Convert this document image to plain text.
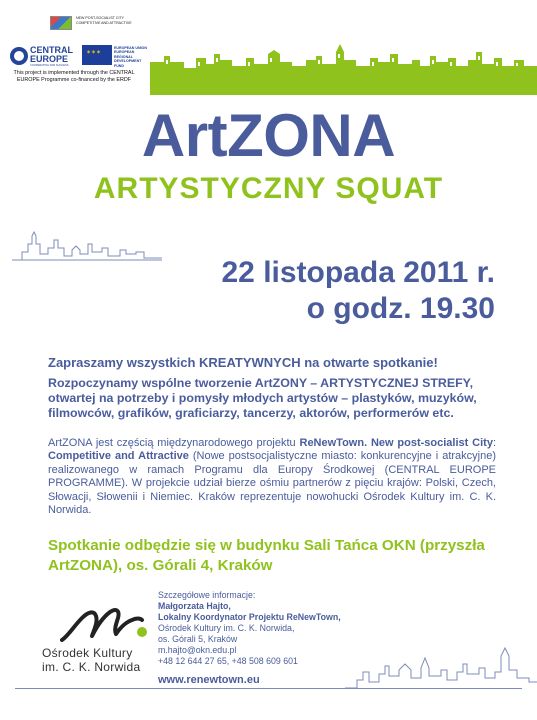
NEW POST-SOCIALIST CITY COMPETITIVE AND ATTRACTIVE
CENTRAL EUROPE
COOPERATING FOR SUCCESS
✶✶✶
EUROPEAN UNION EUROPEAN REGIONAL DEVELOPMENT FUND
This project is implemented through the CENTRAL EUROPE Programme co-financed by the ERDF
ArtZONA
ARTYSTYCZNY SQUAT
22 listopada 2011 r.
o godz. 19.30
Zapraszamy wszystkich KREATYWNYCH na otwarte spotkanie!
Rozpoczynamy wspólne tworzenie ArtZONY – ARTYSTYCZNEJ STREFY, otwartej na potrzeby i pomysły młodych artystów – plastyków, muzyków, filmowców, grafików, graficiarzy, tancerzy, aktorów, performerów etc.
ArtZONA jest częścią międzynarodowego projektu ReNewTown. New post-socialist City: Competitive and Attractive (Nowe postsocjalistyczne miasto: konkurencyjne i atrakcyjne) realizowanego w ramach Programu dla Europy Środkowej (CENTRAL EUROPE PROGRAMME). W projekcie udział bierze ośmiu partnerów z pięciu krajów: Polski, Czech, Słowacji, Słowenii i Niemiec. Kraków reprezentuje nowohucki Ośrodek Kultury im. C. K. Norwida.
Spotkanie odbędzie się w budynku Sali Tańca OKN (przyszła ArtZONA), os. Górali 4, Kraków
Ośrodek Kultury
im. C. K. Norwida
Szczegółowe informacje:
Małgorzata Hajto,
Lokalny Koordynator Projektu ReNewTown,
Ośrodek Kultury im. C. K. Norwida,
os. Górali 5, Kraków
m.hajto@okn.edu.pl
+48 12 644 27 65, +48 508 609 601
www.renewtown.eu
